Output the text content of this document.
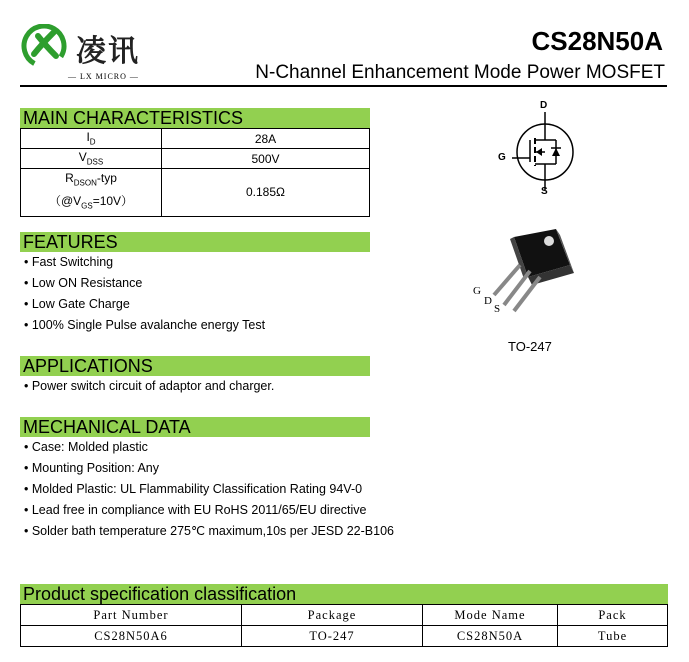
凌讯
— LX MICRO —
CS28N50A
N-Channel Enhancement Mode Power MOSFET
MAIN CHARACTERISTICS
$I_D$	28A
$V_{DSS}$	500V

$R_{DSON}$-typ
$(@V_{GS}=10V)$	0.185Ω
D
G
S
G
D
S
TO-247
FEATURES
• Fast Switching
• Low ON Resistance
• Low Gate Charge
• 100% Single Pulse avalanche energy Test
APPLICATIONS
• Power switch circuit of adaptor and charger.
MECHANICAL DATA
• Case: Molded plastic
• Mounting Position: Any
• Molded Plastic: UL Flammability Classification Rating 94V-0
• Lead free in compliance with EU RoHS 2011/65/EU directive
• Solder bath temperature 275℃ maximum,10s per JESD 22-B106
Product specification classification
Part Number	Package	Mode Name	Pack
CS28N50A6	TO-247	CS28N50A	Tube
